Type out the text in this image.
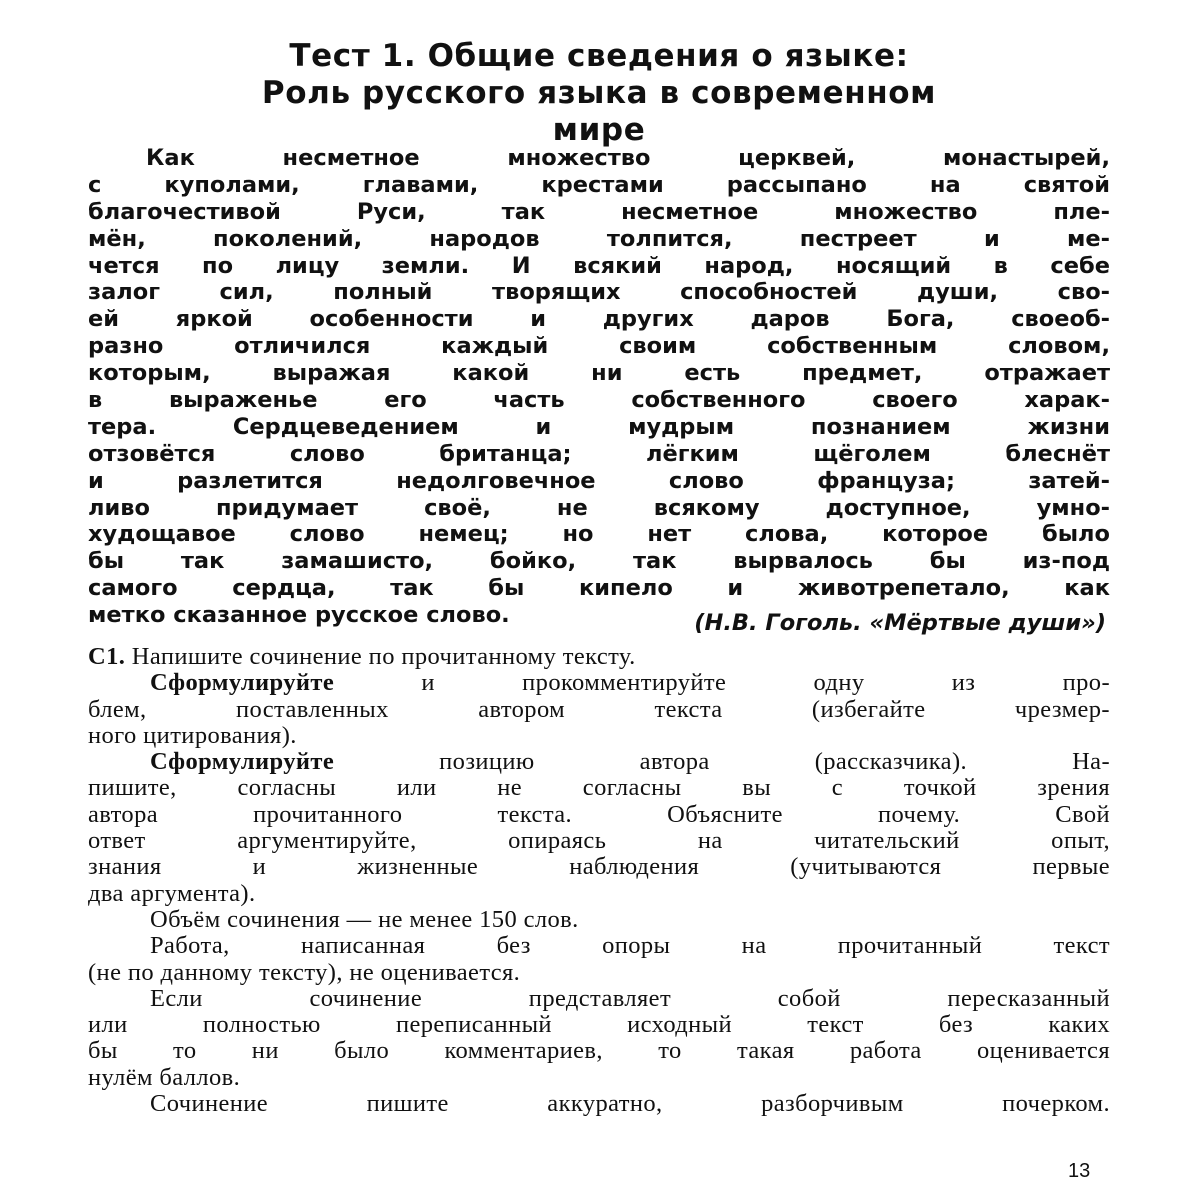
Тест 1. Общие сведения о языке:
Роль русского языка в современном
мире
Как несметное множество церквей, монастырей,
с куполами, главами, крестами рассыпано на святой
благочестивой Руси, так несметное множество пле-
мён, поколений, народов толпится, пестреет и ме-
чется по лицу земли. И всякий народ, носящий в себе
залог сил, полный творящих способностей души, сво-
ей яркой особенности и других даров Бога, своеоб-
разно отличился каждый своим собственным словом,
которым, выражая какой ни есть предмет, отражает
в выраженье его часть собственного своего харак-
тера. Сердцеведением и мудрым познанием жизни
отзовётся слово британца; лёгким щёголем блеснёт
и разлетится недолговечное слово француза; затей-
ливо придумает своё, не всякому доступное, умно-
худощавое слово немец; но нет слова, которое было
бы так замашисто, бойко, так вырвалось бы из-под
самого сердца, так бы кипело и животрепетало, как
метко сказанное русское слово.	(Н.В. Гоголь. «Мёртвые души»)
С1. Напишите сочинение по прочитанному тексту.
Сформулируйте и прокомментируйте одну из про-
блем, поставленных автором текста (избегайте чрезмер-
ного цитирования).
Сформулируйте позицию автора (рассказчика). На-
пишите, согласны или не согласны вы с точкой зрения
автора прочитанного текста. Объясните почему. Свой
ответ аргументируйте, опираясь на читательский опыт,
знания и жизненные наблюдения (учитываются первые
два аргумента).
Объём сочинения — не менее 150 слов.
Работа, написанная без опоры на прочитанный текст
(не по данному тексту), не оценивается.
Если сочинение представляет собой пересказанный
или полностью переписанный исходный текст без каких
бы то ни было комментариев, то такая работа оценивается
нулём баллов.
Сочинение пишите аккуратно, разборчивым почерком.
13
